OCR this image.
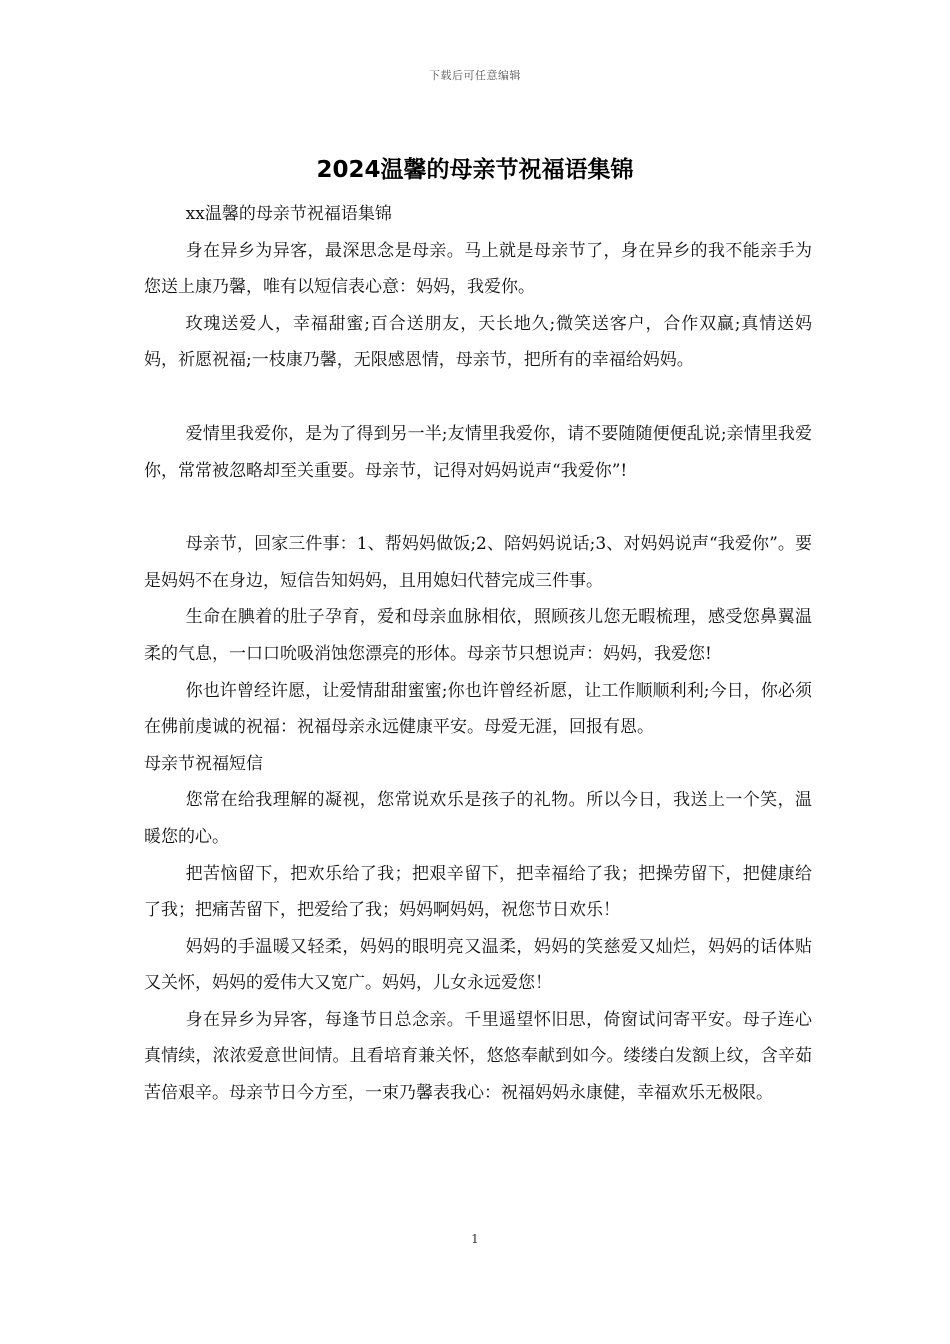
下载后可任意编辑
2024温馨的母亲节祝福语集锦

xx温馨的母亲节祝福语集锦

身在异乡为异客，最深思念是母亲。马上就是母亲节了，身在异乡的我不能亲手为您送上康乃馨，唯有以短信表心意：妈妈，我爱你。

玫瑰送爱人，幸福甜蜜;百合送朋友，天长地久;微笑送客户，合作双赢;真情送妈妈，祈愿祝福;一枝康乃馨，无限感恩情，母亲节，把所有的幸福给妈妈。

爱情里我爱你，是为了得到另一半;友情里我爱你，请不要随随便便乱说;亲情里我爱你，常常被忽略却至关重要。母亲节，记得对妈妈说声“我爱你”!

母亲节，回家三件事：1、帮妈妈做饭;2、陪妈妈说话;3、对妈妈说声“我爱你”。要是妈妈不在身边，短信告知妈妈，且用媳妇代替完成三件事。

生命在腆着的肚子孕育，爱和母亲血脉相依，照顾孩儿您无暇梳理，感受您鼻翼温柔的气息，一口口吮吸消蚀您漂亮的形体。母亲节只想说声：妈妈，我爱您!

你也许曾经许愿，让爱情甜甜蜜蜜;你也许曾经祈愿，让工作顺顺利利;今日，你必须在佛前虔诚的祝福：祝福母亲永远健康平安。母爱无涯，回报有恩。

母亲节祝福短信

您常在给我理解的凝视，您常说欢乐是孩子的礼物。所以今日，我送上一个笑，温暖您的心。

把苦恼留下，把欢乐给了我；把艰辛留下，把幸福给了我；把操劳留下，把健康给了我；把痛苦留下，把爱给了我；妈妈啊妈妈，祝您节日欢乐！

妈妈的手温暖又轻柔，妈妈的眼明亮又温柔，妈妈的笑慈爱又灿烂，妈妈的话体贴又关怀，妈妈的爱伟大又宽广。妈妈，儿女永远爱您！

身在异乡为异客，每逢节日总念亲。千里遥望怀旧思，倚窗试问寄平安。母子连心真情续，浓浓爱意世间情。且看培育兼关怀，悠悠奉献到如今。缕缕白发额上纹，含辛茹苦倍艰辛。母亲节日今方至，一束乃馨表我心：祝福妈妈永康健，幸福欢乐无极限。

1
